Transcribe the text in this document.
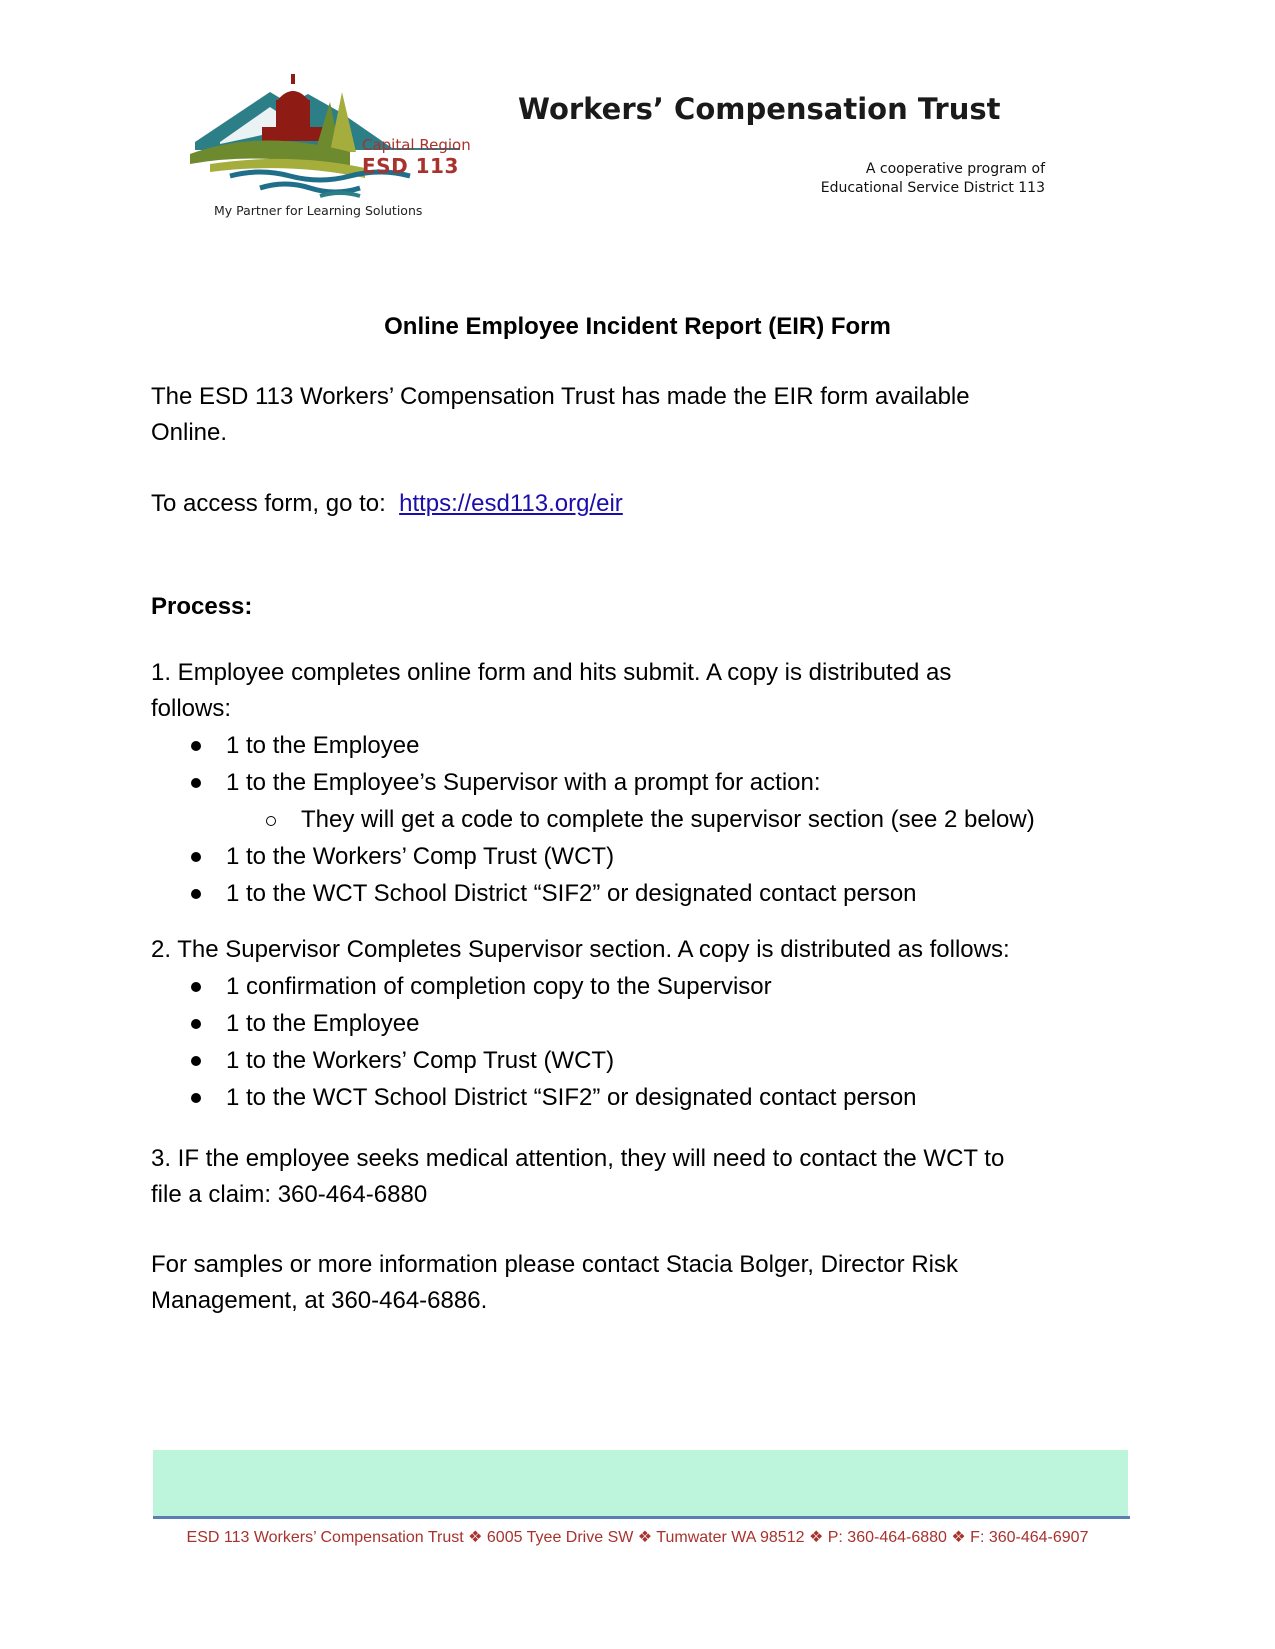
Capital Region
ESD 113
My Partner for Learning Solutions
Workers’ Compensation Trust
A cooperative program of
Educational Service District 113
Online Employee Incident Report (EIR) Form

The ESD 113 Workers’ Compensation Trust has made the EIR form available

Online.

To access form, go to: https://esd113.org/eir

Process:

1. Employee completes online form and hits submit. A copy is distributed as

follows:

1 to the Employee
1 to the Employee’s Supervisor with a prompt for action:
They will get a code to complete the supervisor section (see 2 below)
1 to the Workers’ Comp Trust (WCT)
1 to the WCT School District “SIF2” or designated contact person

2. The Supervisor Completes Supervisor section. A copy is distributed as follows:

1 confirmation of completion copy to the Supervisor
1 to the Employee
1 to the Workers’ Comp Trust (WCT)
1 to the WCT School District “SIF2” or designated contact person

3. IF the employee seeks medical attention, they will need to contact the WCT to

file a claim: 360-464-6880

For samples or more information please contact Stacia Bolger, Director Risk

Management, at 360-464-6886.

ESD 113 Workers’ Compensation Trust ❖ 6005 Tyee Drive SW ❖ Tumwater WA 98512 ❖ P: 360-464-6880 ❖ F: 360-464-6907
